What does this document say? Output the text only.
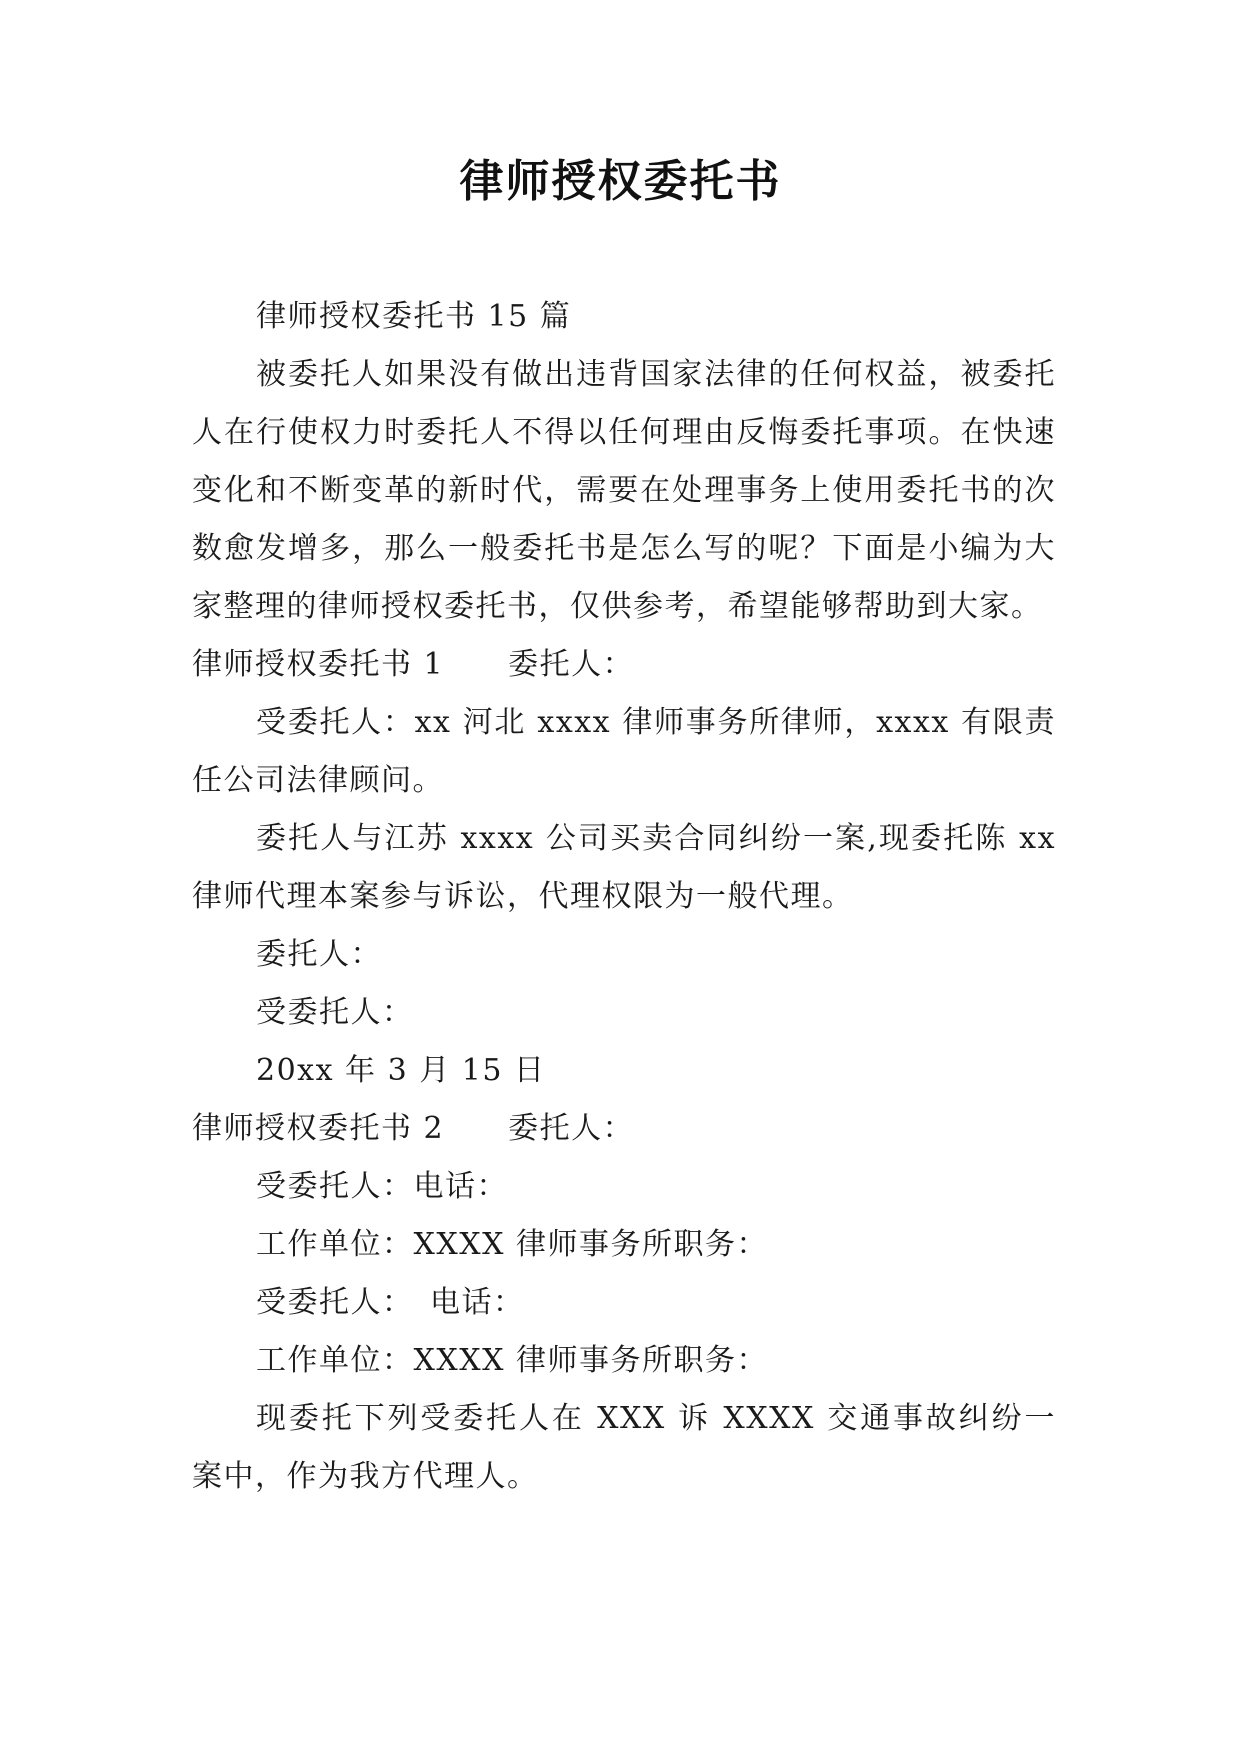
律师授权委托书

律师授权委托书 15 篇

被委托人如果没有做出违背国家法律的任何权益，被委托人在行使权力时委托人不得以任何理由反悔委托事项。在快速变化和不断变革的新时代，需要在处理事务上使用委托书的次数愈发增多，那么一般委托书是怎么写的呢？下面是小编为大家整理的律师授权委托书，仅供参考，希望能够帮助到大家。

律师授权委托书 1 委托人：

受委托人：xx 河北 xxxx 律师事务所律师，xxxx 有限责任公司法律顾问。

委托人与江苏 xxxx 公司买卖合同纠纷一案,现委托陈 xx 律师代理本案参与诉讼，代理权限为一般代理。

委托人：

受委托人：

20xx 年 3 月 15 日

律师授权委托书 2 委托人：

受委托人：电话：

工作单位：XXXX 律师事务所职务：

受委托人：　电话：

工作单位：XXXX 律师事务所职务：

现委托下列受委托人在 XXX 诉 XXXX 交通事故纠纷一案中，作为我方代理人。
